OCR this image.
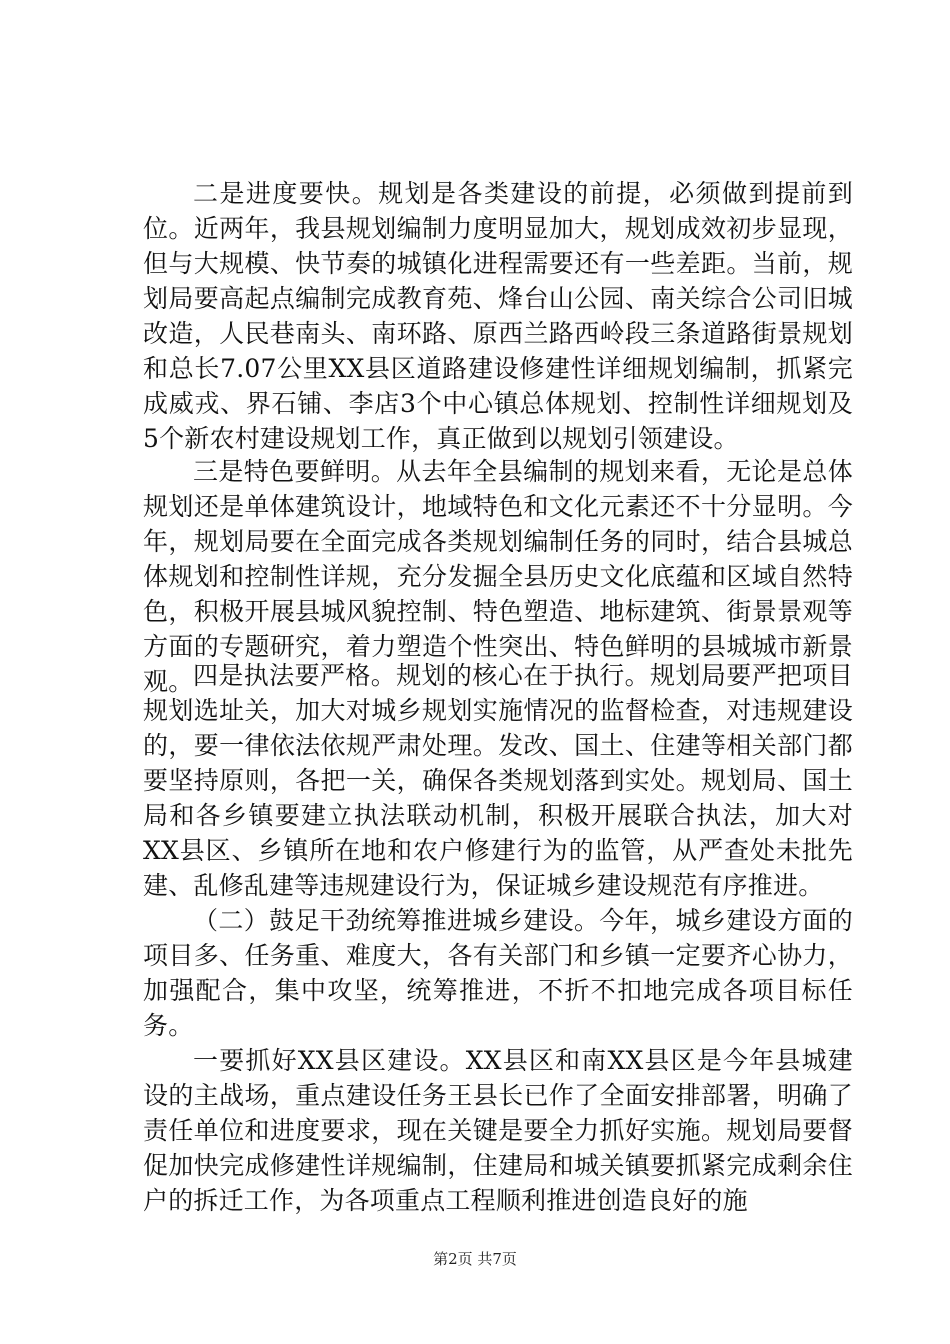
二是进度要快。规划是各类建设的前提，必须做到提前到位。近两年，我县规划编制力度明显加大，规划成效初步显现，但与大规模、快节奏的城镇化进程需要还有一些差距。当前，规划局要高起点编制完成教育苑、烽台山公园、南关综合公司旧城改造，人民巷南头、南环路、原西兰路西岭段三条道路街景规划和总长7.07公里XX县区道路建设修建性详细规划编制，抓紧完成威戎、界石铺、李店3个中心镇总体规划、控制性详细规划及5个新农村建设规划工作，真正做到以规划引领建设。

三是特色要鲜明。从去年全县编制的规划来看，无论是总体规划还是单体建筑设计，地域特色和文化元素还不十分显明。今年，规划局要在全面完成各类规划编制任务的同时，结合县城总体规划和控制性详规，充分发掘全县历史文化底蕴和区域自然特色，积极开展县城风貌控制、特色塑造、地标建筑、街景景观等方面的专题研究，着力塑造个性突出、特色鲜明的县城城市新景观。 四是执法要严格。规划的核心在于执行。规划局要严把项目规划选址关，加大对城乡规划实施情况的监督检查，对违规建设的，要一律依法依规严肃处理。发改、国土、住建等相关部门都要坚持原则，各把一关，确保各类规划落到实处。规划局、国土局和各乡镇要建立执法联动机制，积极开展联合执法，加大对XX县区、乡镇所在地和农户修建行为的监管，从严查处未批先建、乱修乱建等违规建设行为，保证城乡建设规范有序推进。

（二）鼓足干劲统筹推进城乡建设。今年，城乡建设方面的项目多、任务重、难度大，各有关部门和乡镇一定要齐心协力，加强配合，集中攻坚，统筹推进，不折不扣地完成各项目标任务。

一要抓好XX县区建设。XX县区和南XX县区是今年县城建设的主战场，重点建设任务王县长已作了全面安排部署，明确了责任单位和进度要求，现在关键是要全力抓好实施。规划局要督促加快完成修建性详规编制，住建局和城关镇要抓紧完成剩余住户的拆迁工作，为各项重点工程顺利推进创造良好的施

第2页 共7页
